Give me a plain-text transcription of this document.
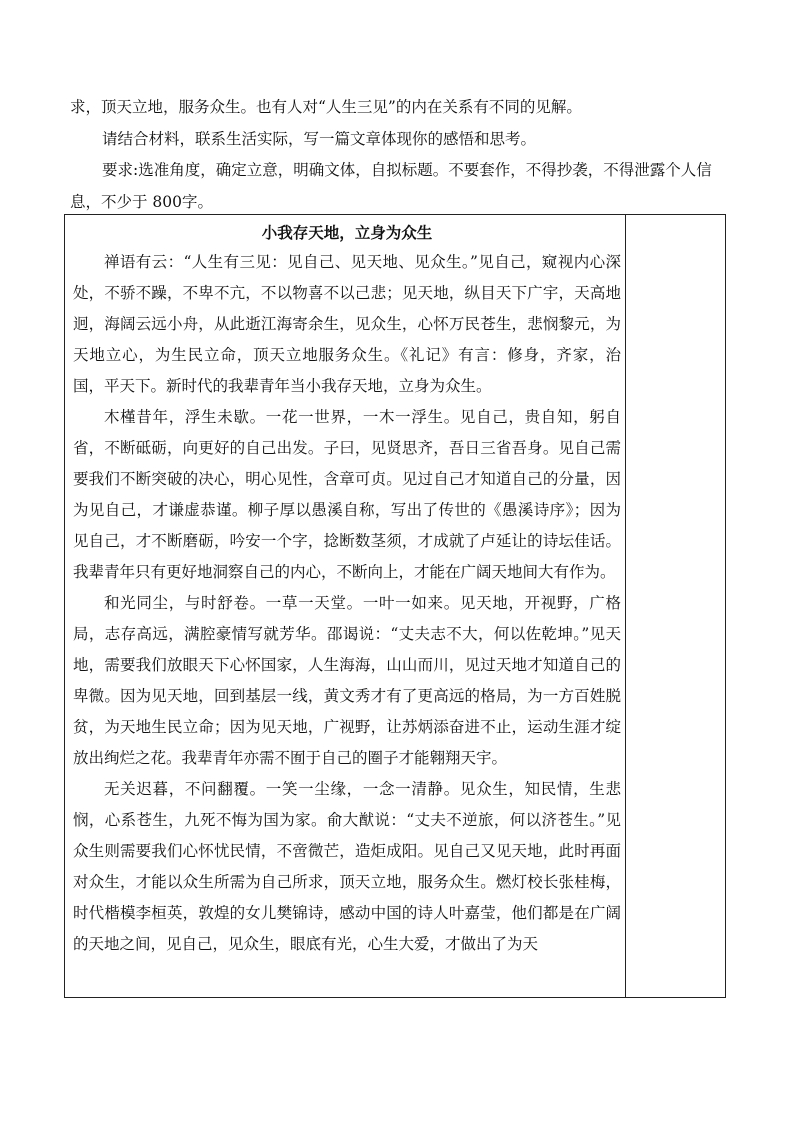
求，顶天立地，服务众生。也有人对“人生三见”的内在关系有不同的见解。

请结合材料，联系生活实际，写一篇文章体现你的感悟和思考。

要求:选准角度，确定立意，明确文体，自拟标题。不要套作，不得抄袭，不得泄露个人信息，不少于 800字。

小我存天地，立身为众生

禅语有云：“人生有三见：见自己、见天地、见众生。”见自己，窥视内心深处，不骄不躁，不卑不亢，不以物喜不以己悲；见天地，纵目天下广宇，天高地迥，海阔云远小舟，从此逝江海寄余生，见众生，心怀万民苍生，悲悯黎元，为天地立心，为生民立命，顶天立地服务众生。《礼记》有言：修身，齐家，治国，平天下。新时代的我辈青年当小我存天地，立身为众生。

木槿昔年，浮生未歇。一花一世界，一木一浮生。见自己，贵自知，躬自省，不断砥砺，向更好的自己出发。子曰，见贤思齐，吾日三省吾身。见自己需要我们不断突破的决心，明心见性，含章可贞。见过自己才知道自己的分量，因为见自己，才谦虚恭谨。柳子厚以愚溪自称，写出了传世的《愚溪诗序》；因为见自己，才不断磨砺，吟安一个字，捻断数茎须，才成就了卢延让的诗坛佳话。我辈青年只有更好地洞察自己的内心，不断向上，才能在广阔天地间大有作为。

和光同尘，与时舒卷。一草一天堂。一叶一如来。见天地，开视野，广格局，志存高远，满腔豪情写就芳华。邵谒说：“丈夫志不大，何以佐乾坤。”见天地，需要我们放眼天下心怀国家，人生海海，山山而川，见过天地才知道自己的卑微。因为见天地，回到基层一线，黄文秀才有了更高远的格局，为一方百姓脱贫，为天地生民立命；因为见天地，广视野，让苏炳添奋进不止，运动生涯才绽放出绚烂之花。我辈青年亦需不囿于自己的圈子才能翱翔天宇。

无关迟暮，不问翻覆。一笑一尘缘，一念一清静。见众生，知民情，生悲悯，心系苍生，九死不悔为国为家。俞大猷说：“丈夫不逆旅，何以济苍生。”见众生则需要我们心怀忧民情，不啻微芒，造炬成阳。见自己又见天地，此时再面对众生，才能以众生所需为自己所求，顶天立地，服务众生。燃灯校长张桂梅，时代楷模李桓英，敦煌的女儿樊锦诗，感动中国的诗人叶嘉莹，他们都是在广阔的天地之间，见自己，见众生，眼底有光，心生大爱，才做出了为天
